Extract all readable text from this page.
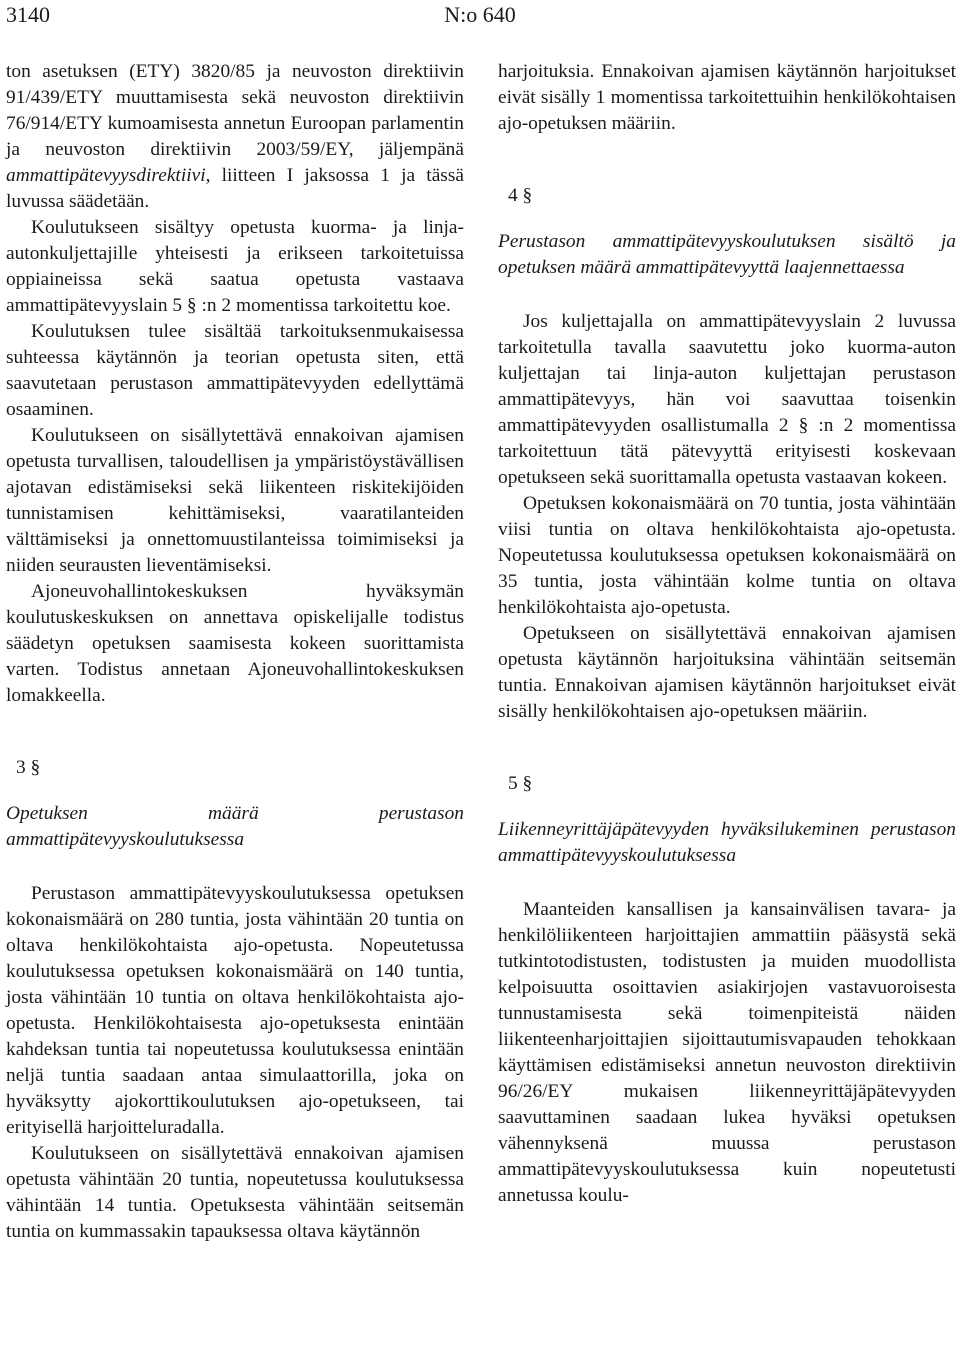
3140	N:o 640

ton asetuksen (ETY) 3820/85 ja neuvoston direktiivin 91/439/ETY muuttamisesta sekä neuvoston direktiivin 76/914/ETY kumoamisesta annetun Euroopan parlamentin ja neuvoston direktiivin 2003/59/EY, jäljempänä ammattipätevyysdirektiivi, liitteen I jaksossa 1 ja tässä luvussa säädetään.

Koulutukseen sisältyy opetusta kuorma- ja linja-autonkuljettajille yhteisesti ja erikseen tarkoitetuissa oppiaineissa sekä saatua opetusta vastaava ammattipätevyyslain 5 § :n 2 momentissa tarkoitettu koe.

Koulutuksen tulee sisältää tarkoituksenmukaisessa suhteessa käytännön ja teorian opetusta siten, että saavutetaan perustason ammattipätevyyden edellyttämä osaaminen.

Koulutukseen on sisällytettävä ennakoivan ajamisen opetusta turvallisen, taloudellisen ja ympäristöystävällisen ajotavan edistämiseksi sekä liikenteen riskitekijöiden tunnistamisen kehittämiseksi, vaaratilanteiden välttämiseksi ja onnettomuustilanteissa toimimiseksi ja niiden seurausten lieventämiseksi.

Ajoneuvohallintokeskuksen hyväksymän koulutuskeskuksen on annettava opiskelijalle todistus säädetyn opetuksen saamisesta kokeen suorittamista varten. Todistus annetaan Ajoneuvohallintokeskuksen lomakkeella.

3 §

Opetuksen määrä perustason ammattipätevyyskoulutuksessa

Perustason ammattipätevyyskoulutuksessa opetuksen kokonaismäärä on 280 tuntia, josta vähintään 20 tuntia on oltava henkilökohtaista ajo-opetusta. Nopeutetussa koulutuksessa opetuksen kokonaismäärä on 140 tuntia, josta vähintään 10 tuntia on oltava henkilökohtaista ajo-opetusta. Henkilökohtaisesta ajo-opetuksesta enintään kahdeksan tuntia tai nopeutetussa koulutuksessa enintään neljä tuntia saadaan antaa simulaattorilla, joka on hyväksytty ajokorttikoulutuksen ajo-opetukseen, tai erityisellä harjoitteluradalla.

Koulutukseen on sisällytettävä ennakoivan ajamisen opetusta vähintään 20 tuntia, nopeutetussa koulutuksessa vähintään 14 tuntia. Opetuksesta vähintään seitsemän tuntia on kummassakin tapauksessa oltava käytännön

harjoituksia. Ennakoivan ajamisen käytännön harjoitukset eivät sisälly 1 momentissa tarkoitettuihin henkilökohtaisen ajo-opetuksen määriin.

4 §

Perustason ammattipätevyyskoulutuksen sisältö ja opetuksen määrä ammattipätevyyttä laajennettaessa

Jos kuljettajalla on ammattipätevyyslain 2 luvussa tarkoitetulla tavalla saavutettu joko kuorma-auton kuljettajan tai linja-auton kuljettajan perustason ammattipätevyys, hän voi saavuttaa toisenkin ammattipätevyyden osallistumalla 2 § :n 2 momentissa tarkoitettuun tätä pätevyyttä erityisesti koskevaan opetukseen sekä suorittamalla opetusta vastaavan kokeen.

Opetuksen kokonaismäärä on 70 tuntia, josta vähintään viisi tuntia on oltava henkilökohtaista ajo-opetusta. Nopeutetussa koulutuksessa opetuksen kokonaismäärä on 35 tuntia, josta vähintään kolme tuntia on oltava henkilökohtaista ajo-opetusta.

Opetukseen on sisällytettävä ennakoivan ajamisen opetusta käytännön harjoituksina vähintään seitsemän tuntia. Ennakoivan ajamisen käytännön harjoitukset eivät sisälly henkilökohtaisen ajo-opetuksen määriin.

5 §

Liikenneyrittäjäpätevyyden hyväksilukeminen perustason ammattipätevyyskoulutuksessa

Maanteiden kansallisen ja kansainvälisen tavara- ja henkilöliikenteen harjoittajien ammattiin pääsystä sekä tutkintotodistusten, todistusten ja muiden muodollista kelpoisuutta osoittavien asiakirjojen vastavuoroisesta tunnustamisesta sekä toimenpiteistä näiden liikenteenharjoittajien sijoittautumisvapauden tehokkaan käyttämisen edistämiseksi annetun neuvoston direktiivin 96/26/EY mukaisen liikenneyrittäjäpätevyyden saavuttaminen saadaan lukea hyväksi opetuksen vähennyksenä muussa perustason ammattipätevyyskoulutuksessa kuin nopeutetusti annetussa koulu-
